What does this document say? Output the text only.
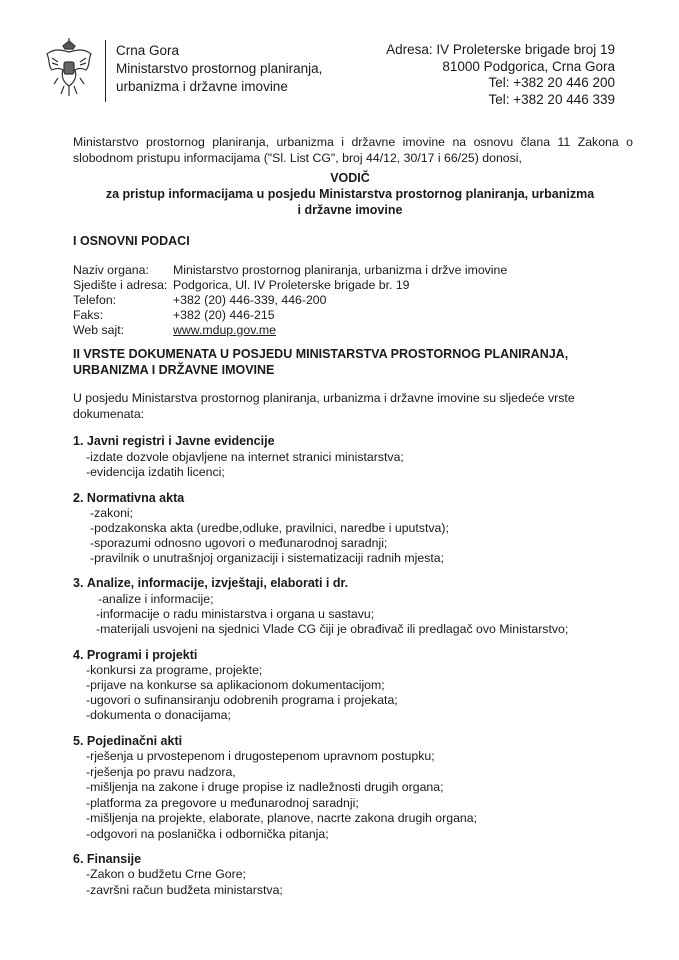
Crna Gora
Ministarstvo prostornog planiranja,
urbanizma i državne imovine
Adresa: IV Proleterske brigade broj 19
81000 Podgorica, Crna Gora
Tel: +382 20 446 200
Tel: +382 20 446 339
Ministarstvo prostornog planiranja, urbanizma i državne imovine na osnovu člana 11 Zakona o slobodnom pristupu informacijama ("Sl. List CG", broj 44/12, 30/17 i 66/25) donosi,
VODIČ
za pristup informacijama u posjedu Ministarstva prostornog planiranja, urbanizma
i državne imovine
I OSNOVNI PODACI
Naziv organa: Ministarstvo prostornog planiranja, urbanizma i držve imovine
Sjedište i adresa: Podgorica, Ul. IV Proleterske brigade br. 19
Telefon:	+382 (20) 446-339, 446-200
Faks:	+382 (20) 446-215
Web sajt:	www.mdup.gov.me
II VRSTE DOKUMENATA U POSJEDU MINISTARSTVA PROSTORNOG PLANIRANJA,
URBANIZMA I DRŽAVNE IMOVINE
U posjedu Ministarstva prostornog planiranja, urbanizma i državne imovine su sljedeće vrste
dokumenata:
1. Javni registri i Javne evidencije
-izdate dozvole objavljene na internet stranici ministarstva;
-evidencija izdatih licenci;
2. Normativna akta
-zakoni;
-podzakonska akta (uredbe,odluke, pravilnici, naredbe i uputstva);
-sporazumi odnosno ugovori o međunarodnoj saradnji;
-pravilnik o unutrašnjoj organizaciji i sistematizaciji radnih mjesta;
3. Analize, informacije, izvještaji, elaborati i dr.
-analize i informacije;
-informacije o radu ministarstva i organa u sastavu;
-materijali usvojeni na sjednici Vlade CG čiji je obrađivač ili predlagač ovo Ministarstvo;
4. Programi i projekti
-konkursi za programe, projekte;
-prijave na konkurse sa aplikacionom dokumentacijom;
-ugovori o sufinansiranju odobrenih programa i projekata;
-dokumenta o donacijama;
5. Pojedinačni akti
-rješenja u prvostepenom i drugostepenom upravnom postupku;
-rješenja po pravu nadzora,
-mišljenja na zakone i druge propise iz nadležnosti drugih organa;
-platforma za pregovore u međunarodnoj saradnji;
-mišljenja na projekte, elaborate, planove, nacrte zakona drugih organa;
-odgovori na poslanička i odbornička pitanja;
6. Finansije
-Zakon o budžetu Crne Gore;
-završni račun budžeta ministarstva;
